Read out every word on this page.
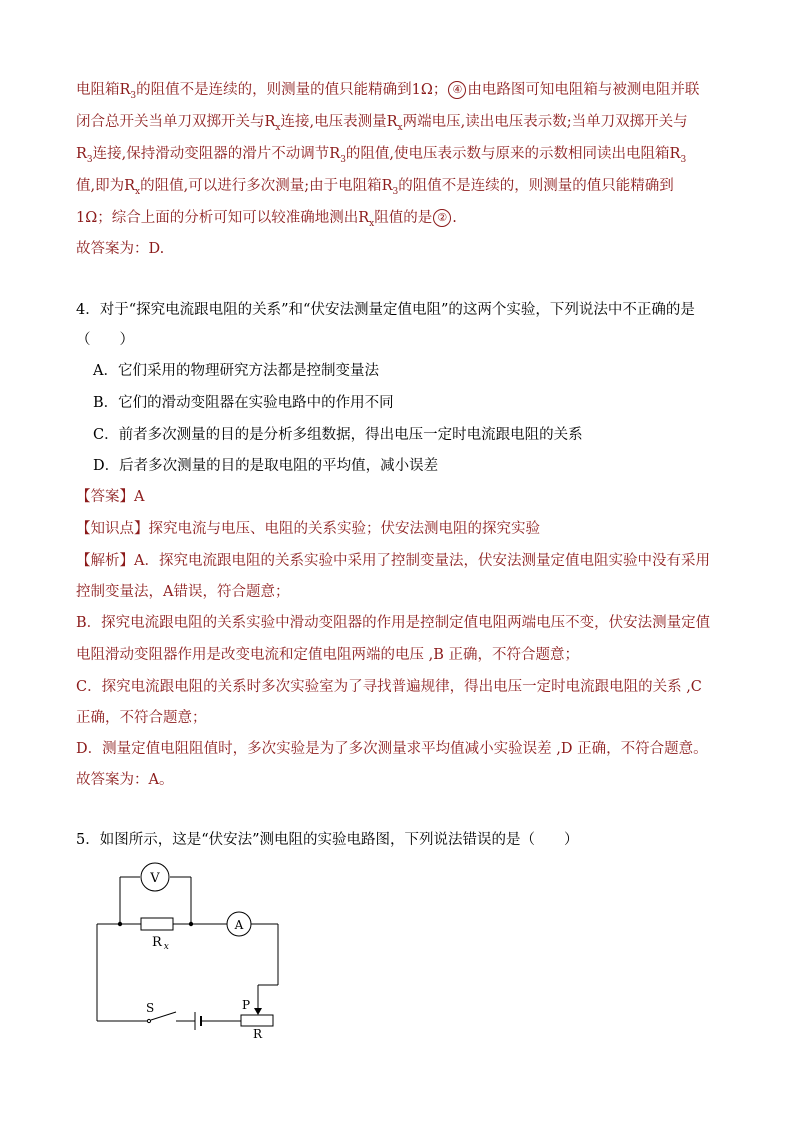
电阻箱$R_3$的阻值不是连续的，则测量的值只能精确到1Ω； ④ 由电路图可知电阻箱与被测电阻并联
闭合总开关当单刀双掷开关与$R_x$连接,电压表测量$R_x$两端电压,读出电压表示数;当单刀双掷开关与
$R_3$连接,保持滑动变阻器的滑片不动调节$R_3$的阻值,使电压表示数与原来的示数相同读出电阻箱$R_3$
值,即为$R_x$的阻值,可以进行多次测量;由于电阻箱$R_3$的阻值不是连续的，则测量的值只能精确到
1Ω；综合上面的分析可知可以较准确地测出$R_x$阻值的是 ② .
故答案为：D.
4．对于“探究电流跟电阻的关系”和“伏安法测量定值电阻”的这两个实验，下列说法中不正确的是
（　　）
A．它们采用的物理研究方法都是控制变量法
B．它们的滑动变阻器在实验电路中的作用不同
C．前者多次测量的目的是分析多组数据，得出电压一定时电流跟电阻的关系
D．后者多次测量的目的是取电阻的平均值，减小误差
【答案】A
【知识点】探究电流与电压、电阻的关系实验；伏安法测电阻的探究实验
【解析】A．探究电流跟电阻的关系实验中采用了控制变量法，伏安法测量定值电阻实验中没有采用
控制变量法，A错误，符合题意；
B．探究电流跟电阻的关系实验中滑动变阻器的作用是控制定值电阻两端电压不变，伏安法测量定值
电阻滑动变阻器作用是改变电流和定值电阻两端的电压 ,B 正确，不符合题意；
C．探究电流跟电阻的关系时多次实验室为了寻找普遍规律，得出电压一定时电流跟电阻的关系 ,C
正确，不符合题意；
D．测量定值电阻阻值时，多次实验是为了多次测量求平均值减小实验误差 ,D 正确，不符合题意。
故答案为：A。
5．如图所示，这是“伏安法”测电阻的实验电路图，下列说法错误的是（　　）
V
A
R $_x$
S	P
R
